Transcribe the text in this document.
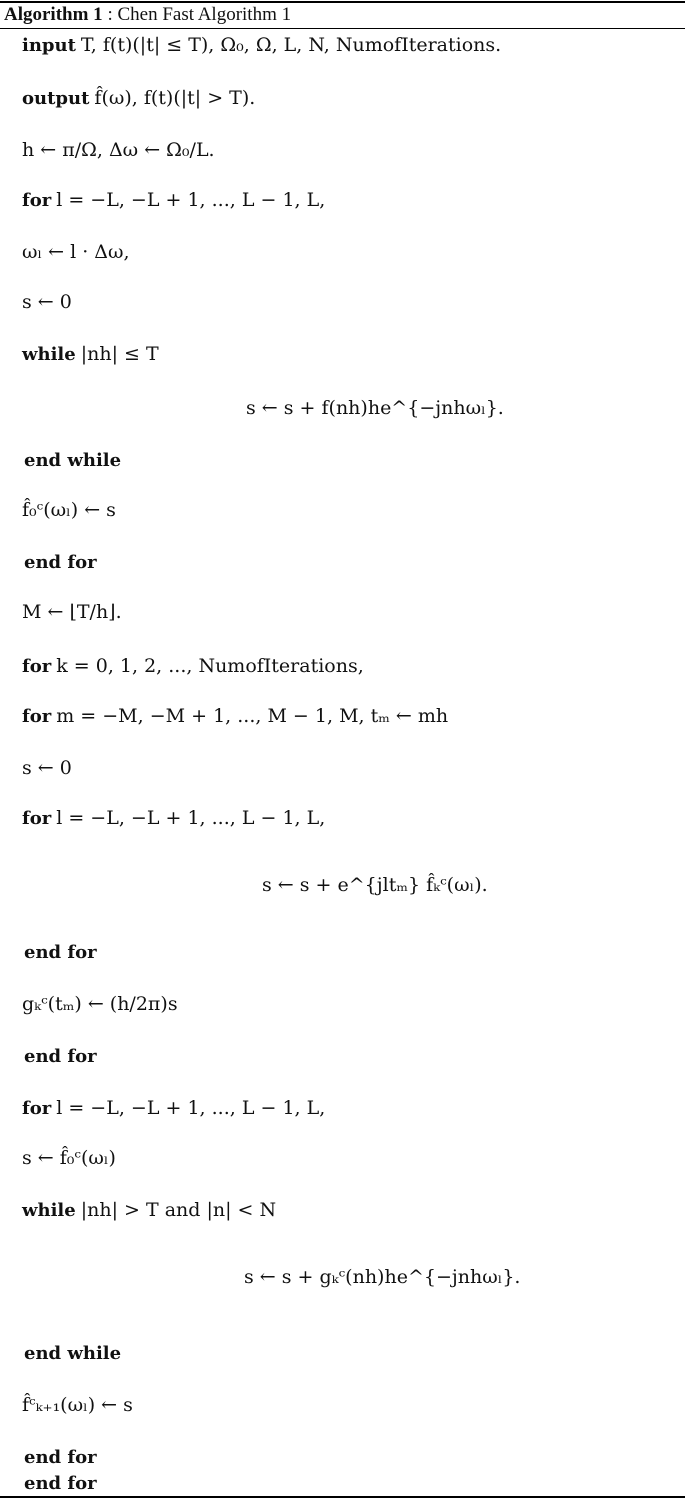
Algorithm 1 : Chen Fast Algorithm 1
input T, f(t)(|t| ≤ T), Ω₀, Ω, L, N, NumofIterations.
output f̂(ω), f(t)(|t| > T).
h ← π/Ω, Δω ← Ω₀/L.
for l = −L, −L + 1, ..., L − 1, L,
ωₗ ← l · Δω,
s ← 0
while |nh| ≤ T
s ← s + f(nh)he^{−jnhωₗ}.
end while
f̂₀ᶜ(ωₗ) ← s
end for
M ← ⌊T/h⌋.
for k = 0, 1, 2, ..., NumofIterations,
for m = −M, −M + 1, ..., M − 1, M, tₘ ← mh
s ← 0
for l = −L, −L + 1, ..., L − 1, L,
s ← s + e^{jltₘ} f̂ₖᶜ(ωₗ).
end for
gₖᶜ(tₘ) ← (h/2π)s
end for
for l = −L, −L + 1, ..., L − 1, L,
s ← f̂₀ᶜ(ωₗ)
while |nh| > T and |n| < N
s ← s + gₖᶜ(nh)he^{−jnhωₗ}.
end while
f̂ᶜₖ₊₁(ωₗ) ← s
end for
end for
